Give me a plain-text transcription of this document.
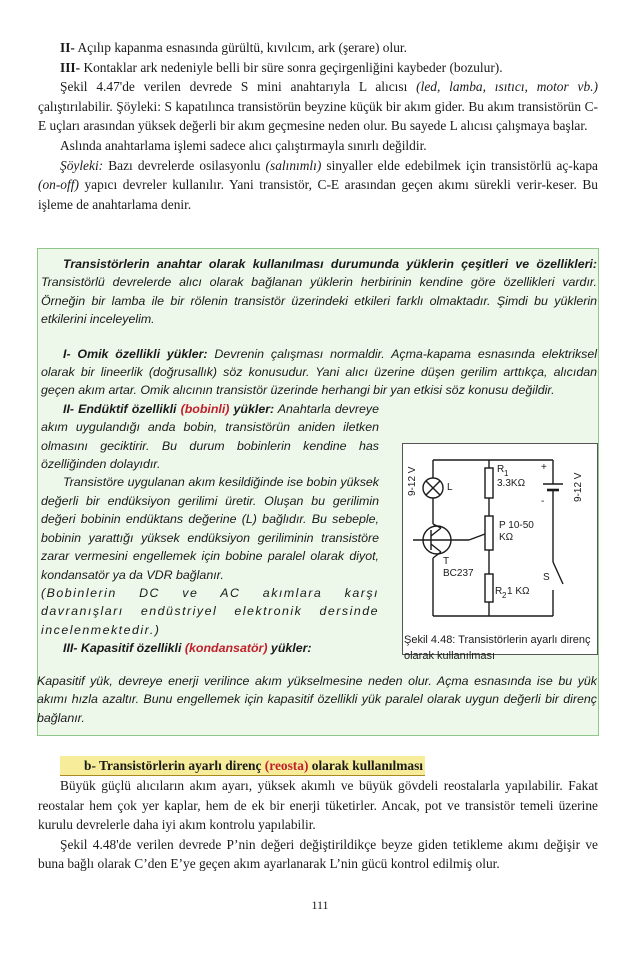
II- Açılıp kapanma esnasında gürültü, kıvılcım, ark (şerare) olur.

III- Kontaklar ark nedeniyle belli bir süre sonra geçirgenliğini kaybeder (bozulur).

Şekil 4.47'de verilen devrede S mini anahtarıyla L alıcısı (led, lamba, ısıtıcı, motor vb.) çalıştırılabilir. Şöyleki: S kapatılınca transistörün beyzine küçük bir akım gider. Bu akım transistörün C-E uçları arasından yüksek değerli bir akım geçmesine neden olur. Bu sayede L alıcısı çalışmaya başlar.

Aslında anahtarlama işlemi sadece alıcı çalıştırmayla sınırlı değildir.

Şöyleki: Bazı devrelerde osilasyonlu (salınımlı) sinyaller elde edebilmek için transistörlü aç-kapa (on-off) yapıcı devreler kullanılır. Yani transistör, C-E arasından geçen akımı sürekli verir-keser. Bu işleme de anahtarlama denir.

Transistörlerin anahtar olarak kullanılması durumunda yüklerin çeşitleri ve özellikleri: Transistörlü devrelerde alıcı olarak bağlanan yüklerin herbirinin kendine göre özellikleri vardır. Örneğin bir lamba ile bir rölenin transistör üzerindeki etkileri farklı olmaktadır. Şimdi bu yüklerin etkilerini inceleyelim.

I- Omik özellikli yükler: Devrenin çalışması normaldir. Açma-kapama esnasında elektriksel olarak bir lineerlik (doğrusallık) söz konusudur. Yani alıcı üzerine düşen gerilim arttıkça, alıcıdan geçen akım artar. Omik alıcının transistör üzerinde herhangi bir yan etkisi söz konusu değildir.

II- Endüktif özellikli (bobinli) yükler: Anahtarla devreye akım uygulandığı anda bobin, transistörün aniden iletken olmasını geciktirir. Bu durum bobinlerin kendine has özelliğinden dolayıdır.

Transistöre uygulanan akım kesildiğinde ise bobin yüksek değerli bir endüksiyon gerilimi üretir. Oluşan bu gerilimin değeri bobinin endüktans değerine (L) bağlıdır. Bu sebeple, bobinin yarattığı yüksek endüksiyon geriliminin transistöre zarar vermesini engellemek için bobine paralel olarak diyot, kondansatör ya da VDR bağlanır.

(Bobinlerin DC ve AC akımlara karşı davranışları endüstriyel elektronik dersinde incelenmektedir.)

III- Kapasitif özellikli (kondansatör) yükler:

Kapasitif yük, devreye enerji verilince akım yükselmesine neden olur. Açma esnasında ise bu yük akımı hızla azaltır. Bunu engellemek için kapasitif özellikli yük paralel olarak uygun değerli bir direnç bağlanır.

9-12 V	9-12 V
L
R 1
3.3KΩ
P 10-50
KΩ
T
BC237
R 2 1 KΩ
+
-
S
Şekil 4.48: Transistörlerin ayarlı direnç olarak kullanılması

b- Transistörlerin ayarlı direnç (reosta) olarak kullanılması

Büyük güçlü alıcıların akım ayarı, yüksek akımlı ve büyük gövdeli reostalarla yapılabilir. Fakat reostalar hem çok yer kaplar, hem de ek bir enerji tüketirler. Ancak, pot ve transistör temeli üzerine kurulu devrelerle daha iyi akım kontrolu yapılabilir.

Şekil 4.48'de verilen devrede P’nin değeri değiştirildikçe beyze giden tetikleme akımı değişir ve buna bağlı olarak C’den E’ye geçen akım ayarlanarak L’nin gücü kontrol edilmiş olur.

111
